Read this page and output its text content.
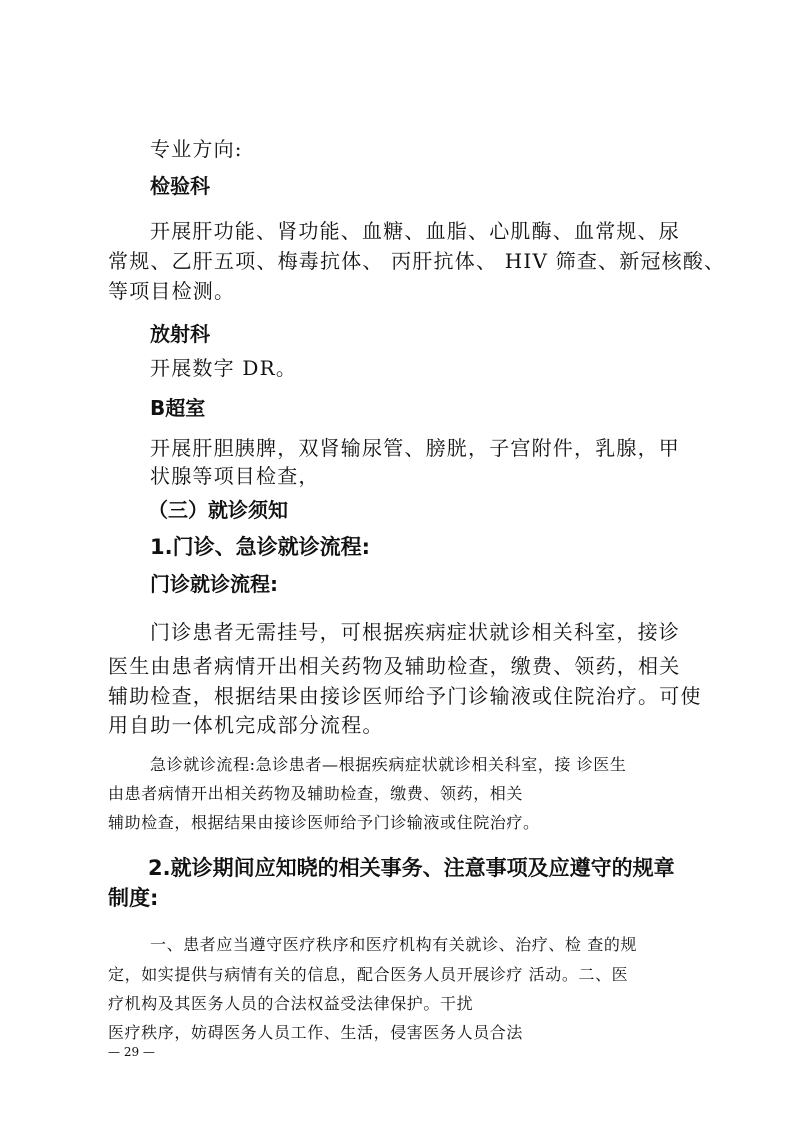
专业方向:
检验科
开展肝功能、肾功能、血糖、血脂、心肌酶、血常规、尿
常规、乙肝五项、梅毒抗体、 丙肝抗体、 HIV 筛查、新冠核酸、
等项目检测。
放射科
开展数字 DR。
B超室
开展肝胆胰脾，双肾输尿管、膀胱，子宫附件，乳腺，甲
状腺等项目检查，
（三）就诊须知
1.门诊、急诊就诊流程:
门诊就诊流程:
门诊患者无需挂号，可根据疾病症状就诊相关科室，接诊
医生由患者病情开出相关药物及辅助检查，缴费、领药，相关
辅助检查，根据结果由接诊医师给予门诊输液或住院治疗。可使
用自助一体机完成部分流程。
急诊就诊流程:急诊患者—根据疾病症状就诊相关科室，接 诊医生
由患者病情开出相关药物及辅助检查，缴费、领药，相关
辅助检查，根据结果由接诊医师给予门诊输液或住院治疗。
2.就诊期间应知晓的相关事务、注意事项及应遵守的规章
制度:
一、患者应当遵守医疗秩序和医疗机构有关就诊、治疗、检 查的规
定，如实提供与病情有关的信息，配合医务人员开展诊疗 活动。二、医
疗机构及其医务人员的合法权益受法律保护。干扰
医疗秩序，妨碍医务人员工作、生活，侵害医务人员合法
— 29 —
